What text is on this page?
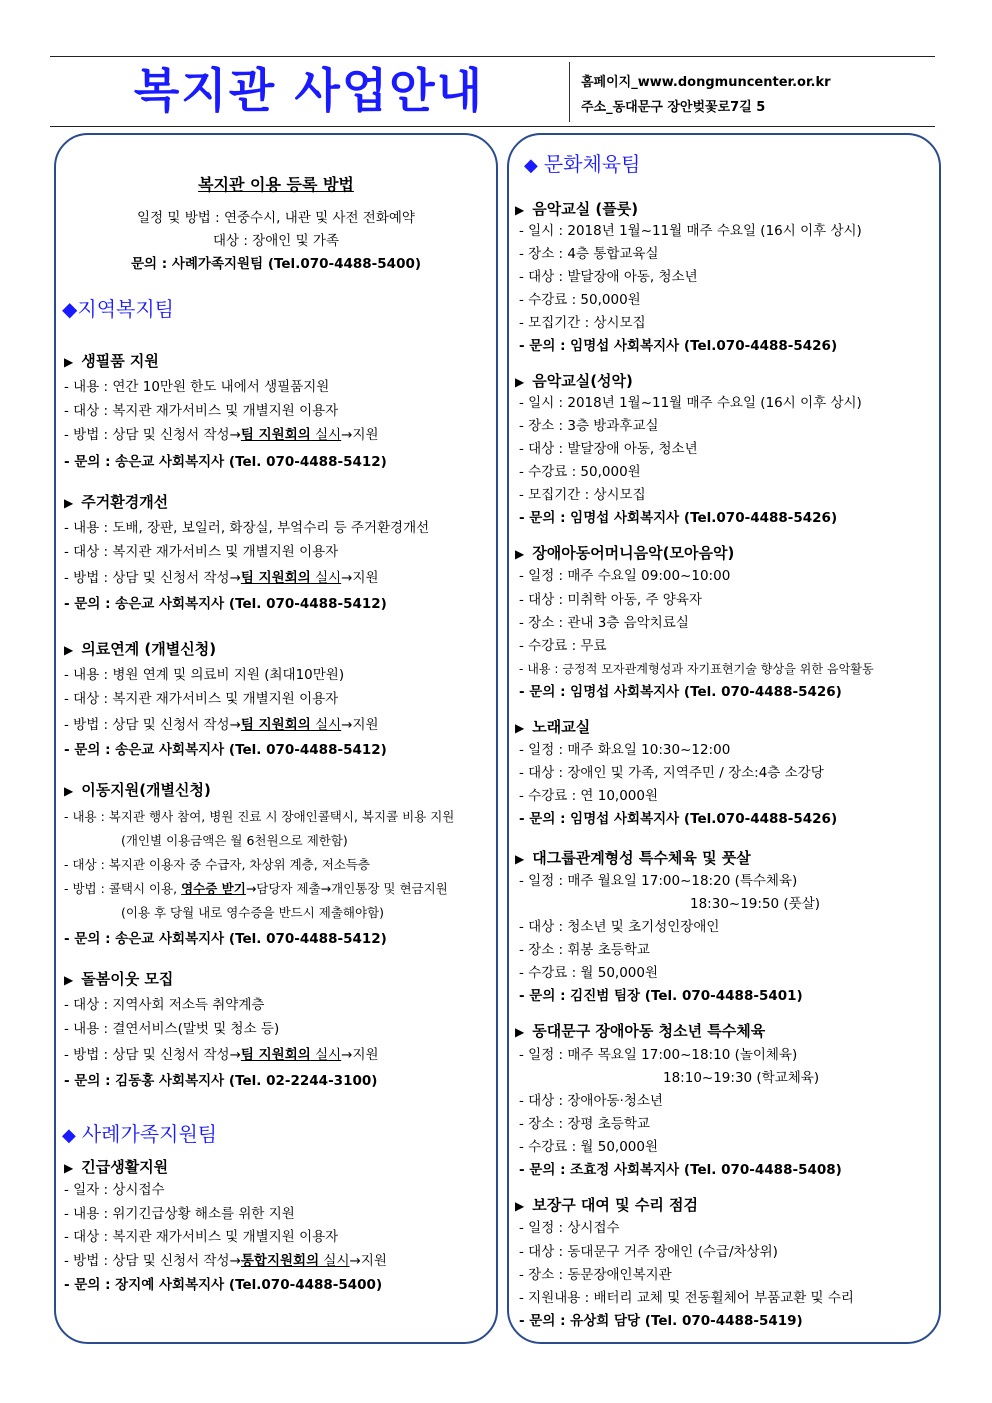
복지관 사업안내	홈페이지_www.dongmuncenter.or.kr
주소_동대문구 장안벚꽃로7길 5
복지관 이용 등록 방법
일정 및 방법 : 연중수시, 내관 및 사전 전화예약
대상 : 장애인 및 가족
문의 : 사례가족지원팀 (Tel.070-4488-5400)
◆지역복지팀
▶ 생필품 지원
- 내용 : 연간 10만원 한도 내에서 생필품지원
- 대상 : 복지관 재가서비스 및 개별지원 이용자
- 방법 : 상담 및 신청서 작성→팀 지원회의 실시→지원
- 문의 : 송은교 사회복지사 (Tel. 070-4488-5412)
▶ 주거환경개선
- 내용 : 도배, 장판, 보일러, 화장실, 부엌수리 등 주거환경개선
- 대상 : 복지관 재가서비스 및 개별지원 이용자
- 방법 : 상담 및 신청서 작성→팀 지원회의 실시→지원
- 문의 : 송은교 사회복지사 (Tel. 070-4488-5412)
▶ 의료연계 (개별신청)
- 내용 : 병원 연계 및 의료비 지원 (최대10만원)
- 대상 : 복지관 재가서비스 및 개별지원 이용자
- 방법 : 상담 및 신청서 작성→팀 지원회의 실시→지원
- 문의 : 송은교 사회복지사 (Tel. 070-4488-5412)
▶ 이동지원(개별신청)
- 내용 : 복지관 행사 참여, 병원 진료 시 장애인콜택시, 복지콜 비용 지원
(개인별 이용금액은 월 6천원으로 제한함)
- 대상 : 복지관 이용자 중 수급자, 차상위 계층, 저소득층
- 방법 : 콜택시 이용, 영수증 받기→담당자 제출→개인통장 및 현금지원
(이용 후 당월 내로 영수증을 반드시 제출해야함)
- 문의 : 송은교 사회복지사 (Tel. 070-4488-5412)
▶ 돌봄이웃 모집
- 대상 : 지역사회 저소득 취약계층
- 내용 : 결연서비스(말벗 및 청소 등)
- 방법 : 상담 및 신청서 작성→팀 지원회의 실시→지원
- 문의 : 김동홍 사회복지사 (Tel. 02-2244-3100)
◆ 사례가족지원팀
▶ 긴급생활지원
- 일자 : 상시접수
- 내용 : 위기긴급상황 해소를 위한 지원
- 대상 : 복지관 재가서비스 및 개별지원 이용자
- 방법 : 상담 및 신청서 작성→통합지원회의 실시→지원
- 문의 : 장지예 사회복지사 (Tel.070-4488-5400)
◆ 문화체육팀
▶ 음악교실 (플룻)
- 일시 : 2018년 1월~11월 매주 수요일 (16시 이후 상시)
- 장소 : 4층 통합교육실
- 대상 : 발달장애 아동, 청소년
- 수강료 : 50,000원
- 모집기간 : 상시모집
- 문의 : 임명섭 사회복지사 (Tel.070-4488-5426)
▶ 음악교실(성악)
- 일시 : 2018년 1월~11월 매주 수요일 (16시 이후 상시)
- 장소 : 3층 방과후교실
- 대상 : 발달장애 아동, 청소년
- 수강료 : 50,000원
- 모집기간 : 상시모집
- 문의 : 임명섭 사회복지사 (Tel.070-4488-5426)
▶ 장애아동어머니음악(모아음악)
- 일정 : 매주 수요일 09:00~10:00
- 대상 : 미취학 아동, 주 양육자
- 장소 : 관내 3층 음악치료실
- 수강료 : 무료
- 내용 : 긍정적 모자관계형성과 자기표현기술 향상을 위한 음악활동
- 문의 : 임명섭 사회복지사 (Tel. 070-4488-5426)
▶ 노래교실
- 일정 : 매주 화요일 10:30~12:00
- 대상 : 장애인 및 가족, 지역주민 / 장소:4층 소강당
- 수강료 : 연 10,000원
- 문의 : 임명섭 사회복지사 (Tel.070-4488-5426)
▶ 대그룹관계형성 특수체육 및 풋살
- 일정 : 매주 월요일 17:00~18:20 (특수체육)
18:30~19:50 (풋살)
- 대상 : 청소년 및 초기성인장애인
- 장소 : 휘봉 초등학교
- 수강료 : 월 50,000원
- 문의 : 김진범 팀장 (Tel. 070-4488-5401)
▶ 동대문구 장애아동 청소년 특수체육
- 일정 : 매주 목요일 17:00~18:10 (놀이체육)
18:10~19:30 (학교체육)
- 대상 : 장애아동·청소년
- 장소 : 장평 초등학교
- 수강료 : 월 50,000원
- 문의 : 조효정 사회복지사 (Tel. 070-4488-5408)
▶ 보장구 대여 및 수리 점검
- 일정 : 상시접수
- 대상 : 동대문구 거주 장애인 (수급/차상위)
- 장소 : 동문장애인복지관
- 지원내용 : 배터리 교체 및 전동휠체어 부품교환 및 수리
- 문의 : 유상희 담당 (Tel. 070-4488-5419)
